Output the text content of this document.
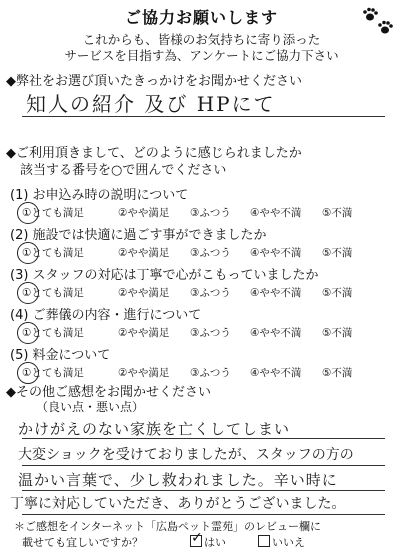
ご協力お願いします
これからも、皆様のお気持ちに寄り添った
サービスを目指す為、アンケートにご協力下さい
◆弊社をお選び頂いたきっかけをお聞かせください
知人の紹介 及び HPにて
◆ご利用頂きまして、どのように感じられましたか
該当する番号を○で囲んでください
(1) お申込み時の説明について
①とても満足	②やや満足 ③ふつう ④やや不満 ⑤不満
(2) 施設では快適に過ごす事ができましたか
①とても満足	②やや満足 ③ふつう ④やや不満 ⑤不満
(3) スタッフの対応は丁寧で心がこもっていましたか
①とても満足	②やや満足 ③ふつう ④やや不満 ⑤不満
(4) ご葬儀の内容・進行について
①とても満足	②やや満足 ③ふつう ④やや不満 ⑤不満
(5) 料金について
①とても満足	②やや満足 ③ふつう ④やや不満 ⑤不満
◆その他ご感想をお聞かせください
（良い点・悪い点）
かけがえのない家族を亡くしてしまい
大変ショックを受けておりましたが、スタッフの方の
温かい言葉で、少し救われました。辛い時に
丁寧に対応していただき、ありがとうございました。
＊ご感想をインターネット「広島ペット霊苑」のレビュー欄に
載せても宜しいですか？	✓ はい	いいえ
